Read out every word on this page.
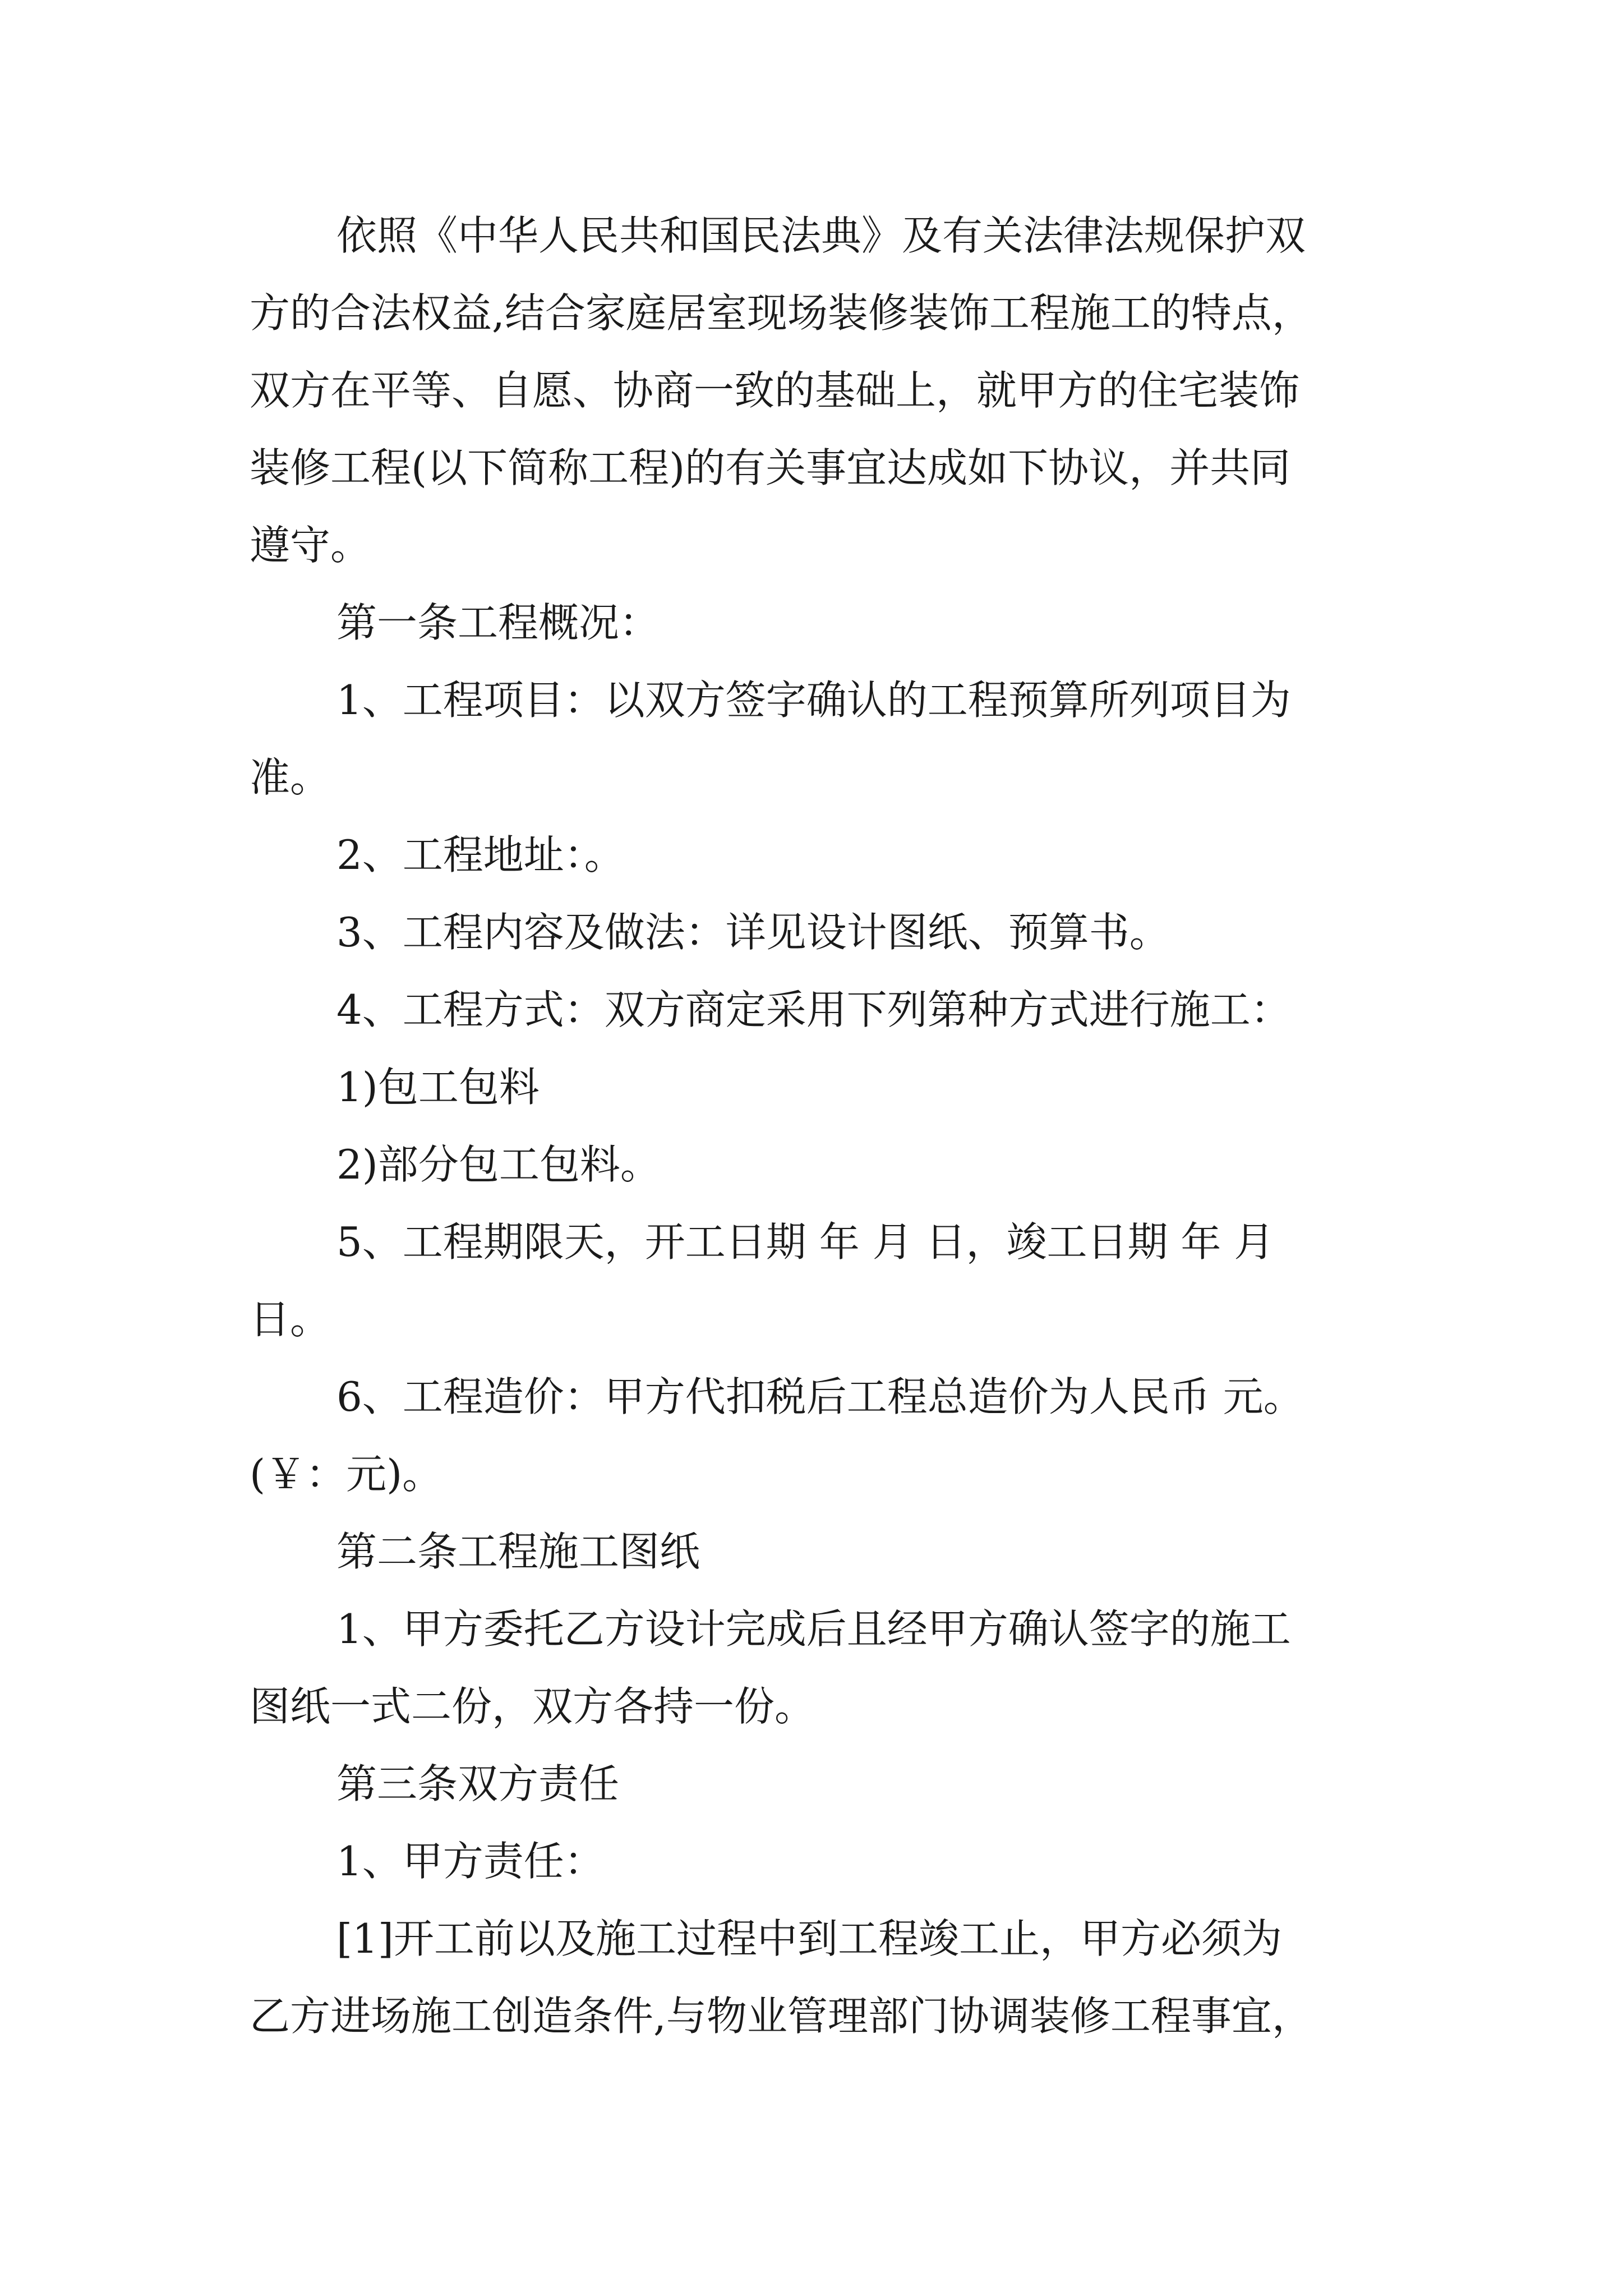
依照《中华人民共和国民法典》及有关法律法规保护双
方的合法权益,结合家庭居室现场装修装饰工程施工的特点，
双方在平等、自愿、协商一致的基础上，就甲方的住宅装饰
装修工程(以下简称工程)的有关事宜达成如下协议，并共同
遵守。
第一条工程概况：
1、工程项目：以双方签字确认的工程预算所列项目为
准。
2、工程地址：。
3、工程内容及做法：详见设计图纸、预算书。
4、工程方式：双方商定采用下列第种方式进行施工：
1)包工包料
2)部分包工包料。
5、工程期限天，开工日期 年 月 日，竣工日期 年 月
日。
6、工程造价：甲方代扣税后工程总造价为人民币 元。
(￥：元)。
第二条工程施工图纸
1、甲方委托乙方设计完成后且经甲方确认签字的施工
图纸一式二份，双方各持一份。
第三条双方责任
1、甲方责任：
[1]开工前以及施工过程中到工程竣工止，甲方必须为
乙方进场施工创造条件,与物业管理部门协调装修工程事宜，
